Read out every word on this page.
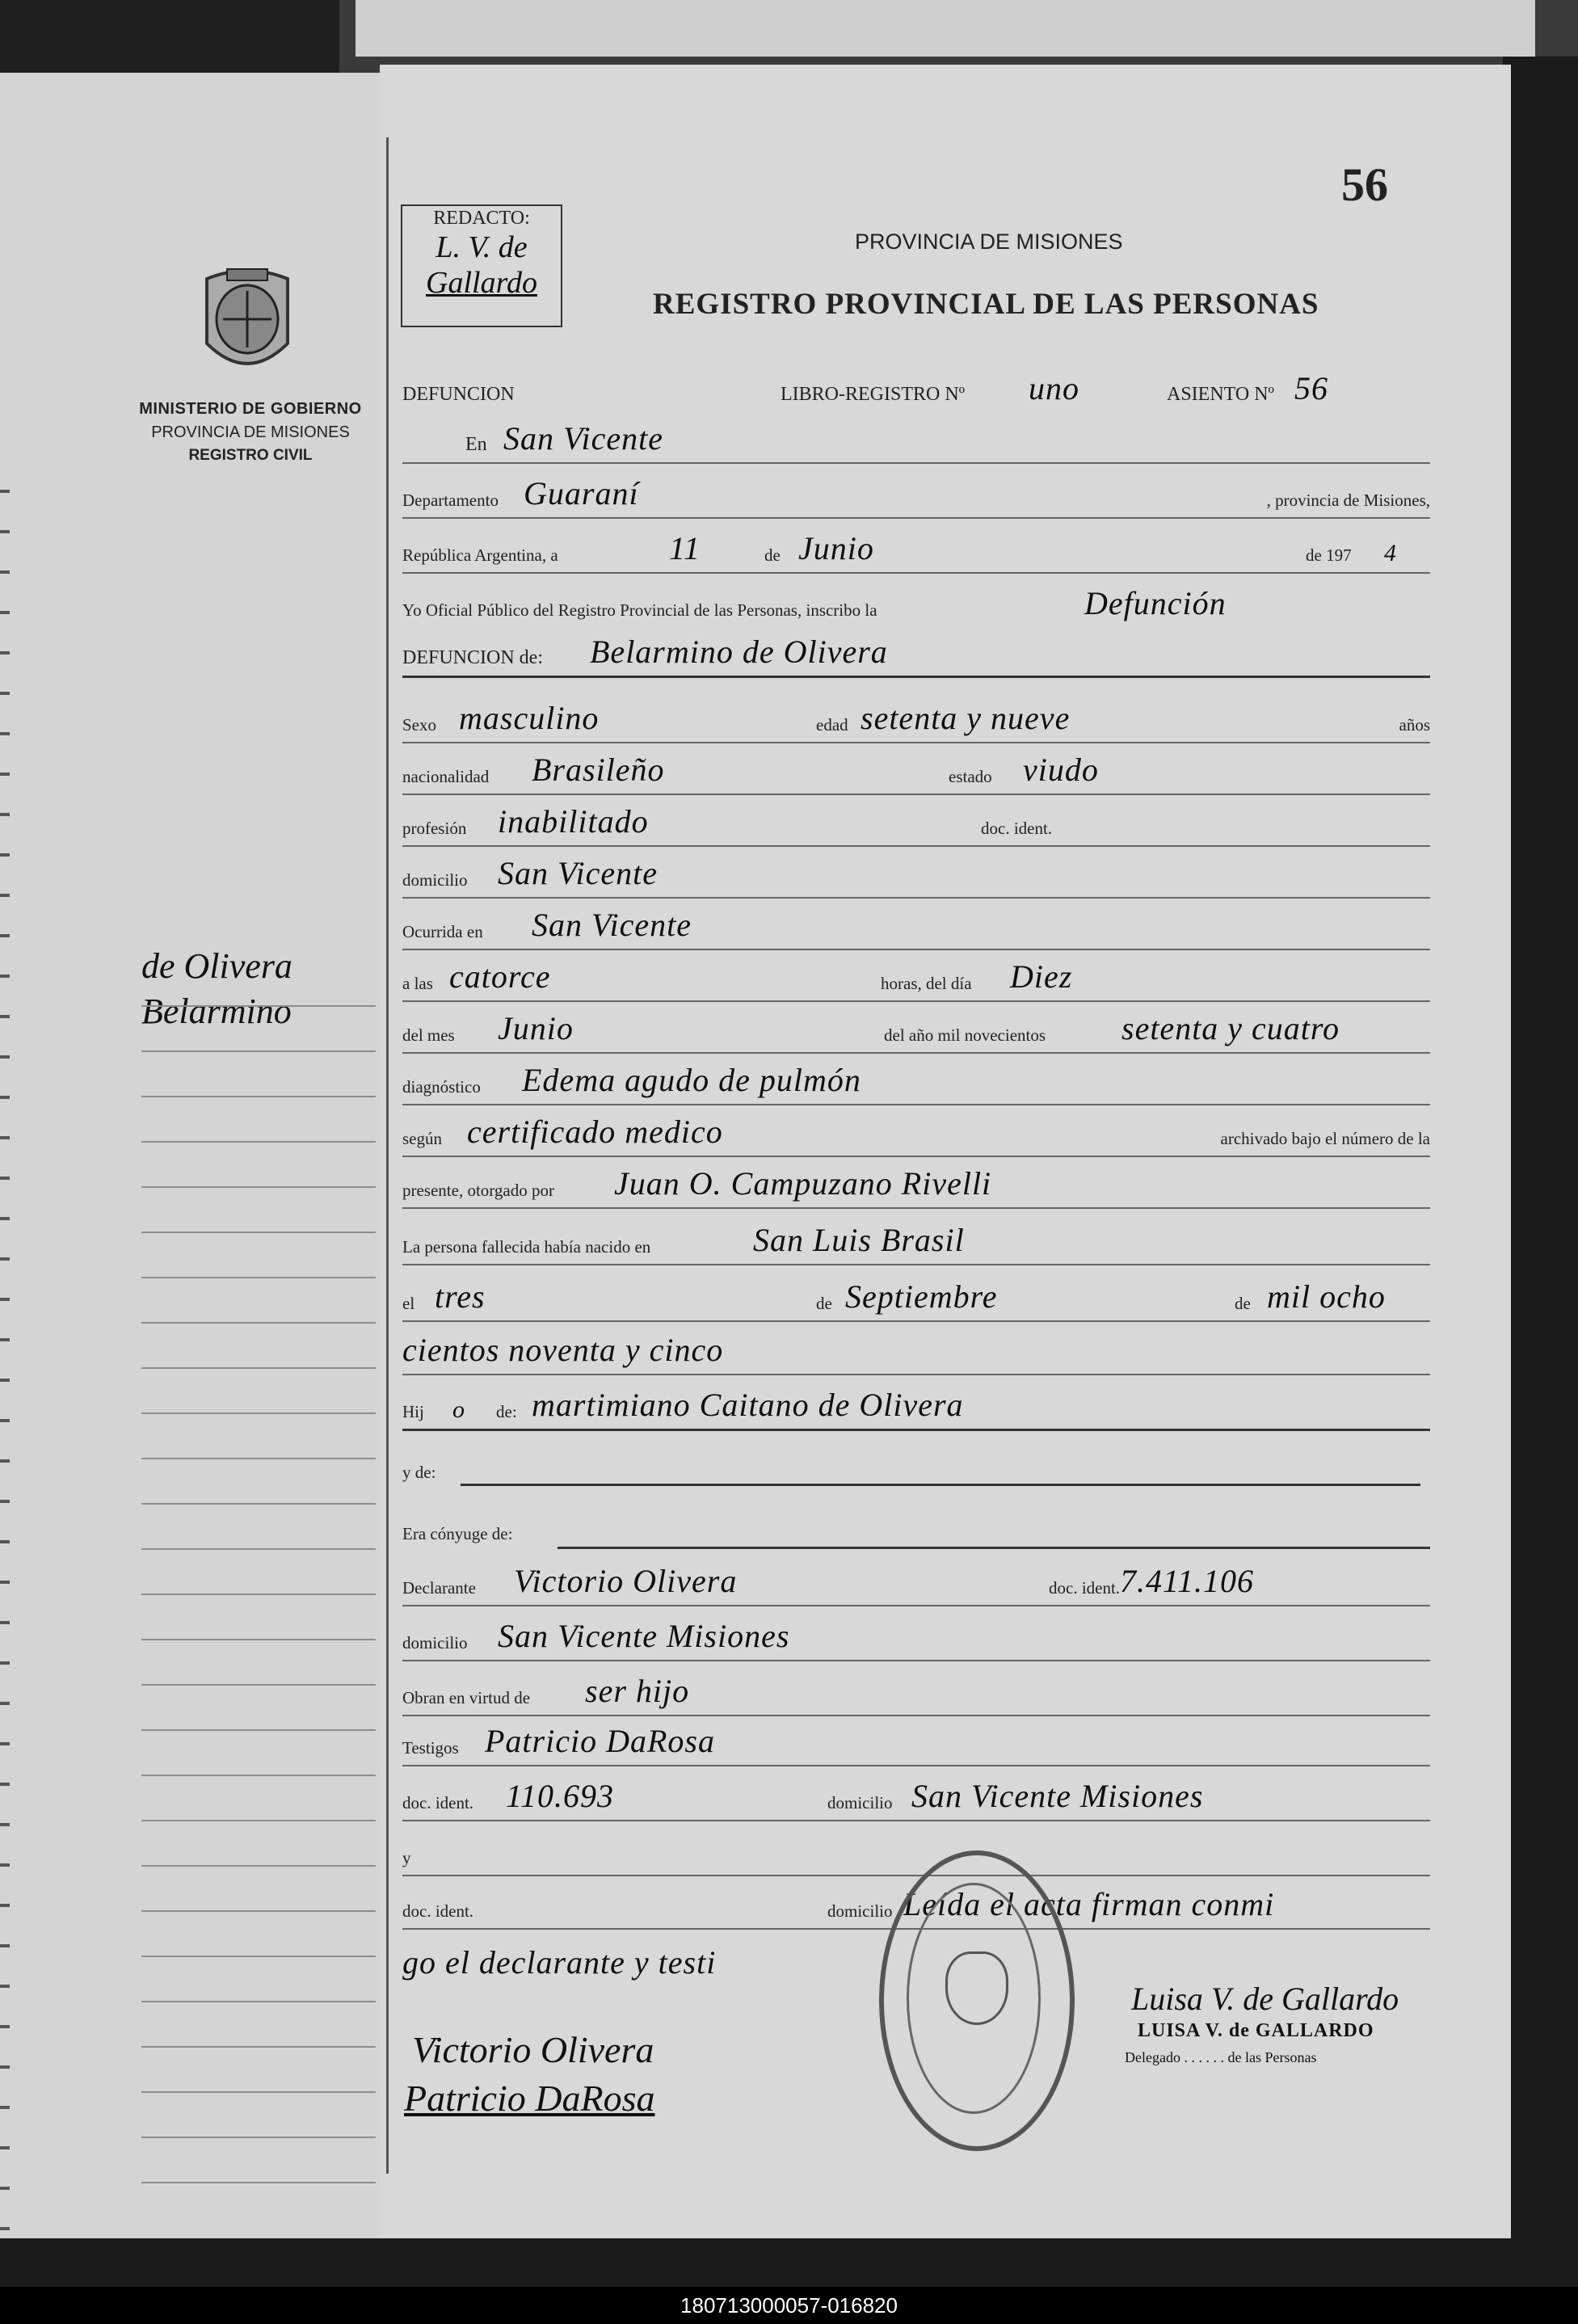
MINISTERIO DE GOBIERNO
PROVINCIA DE MISIONES
REGISTRO CIVIL
de Olivera
Belarmino
56
REDACTO:
L. V. de
Gallardo
PROVINCIA DE MISIONES
REGISTRO PROVINCIAL DE LAS PERSONAS
DEFUNCION	LIBRO-REGISTRO Nº uno	ASIENTO Nº 56
En San Vicente
Departamento Guaraní	, provincia de Misiones,
República Argentina, a	11	de Junio	de 197 4
Yo Oficial Público del Registro Provincial de las Personas, inscribo la	Defunción
DEFUNCION de: Belarmino de Olivera
Sexo masculino	edad setenta y nueve	años
nacionalidad Brasileño	estado viudo
profesión inabilitado	doc. ident.
domicilio San Vicente
Ocurrida en San Vicente
a las catorce	horas, del día Diez
del mes Junio	del año mil novecientos setenta y cuatro
diagnóstico Edema agudo de pulmón
según certificado medico	archivado bajo el número de la
presente, otorgado por Juan O. Campuzano Rivelli
La persona fallecida había nacido en	San Luis Brasil
el tres	de Septiembre	de mil ocho
cientos noventa y cinco
Hij o de: martimiano Caitano de Olivera
y de:
Era cónyuge de:
Declarante Victorio Olivera	doc. ident. 7.411.106
domicilio San Vicente Misiones
Obran en virtud de ser hijo
Testigos Patricio DaRosa
doc. ident. 110.693	domicilio San Vicente Misiones
y
doc. ident.	domicilio Leída el acta firman conmi
go el declarante y testi
Luisa V. de Gallardo
LUISA V. de GALLARDO
Delegado . . . . . . de las Personas
Victorio Olivera
Patricio DaRosa
180713000057-016820
